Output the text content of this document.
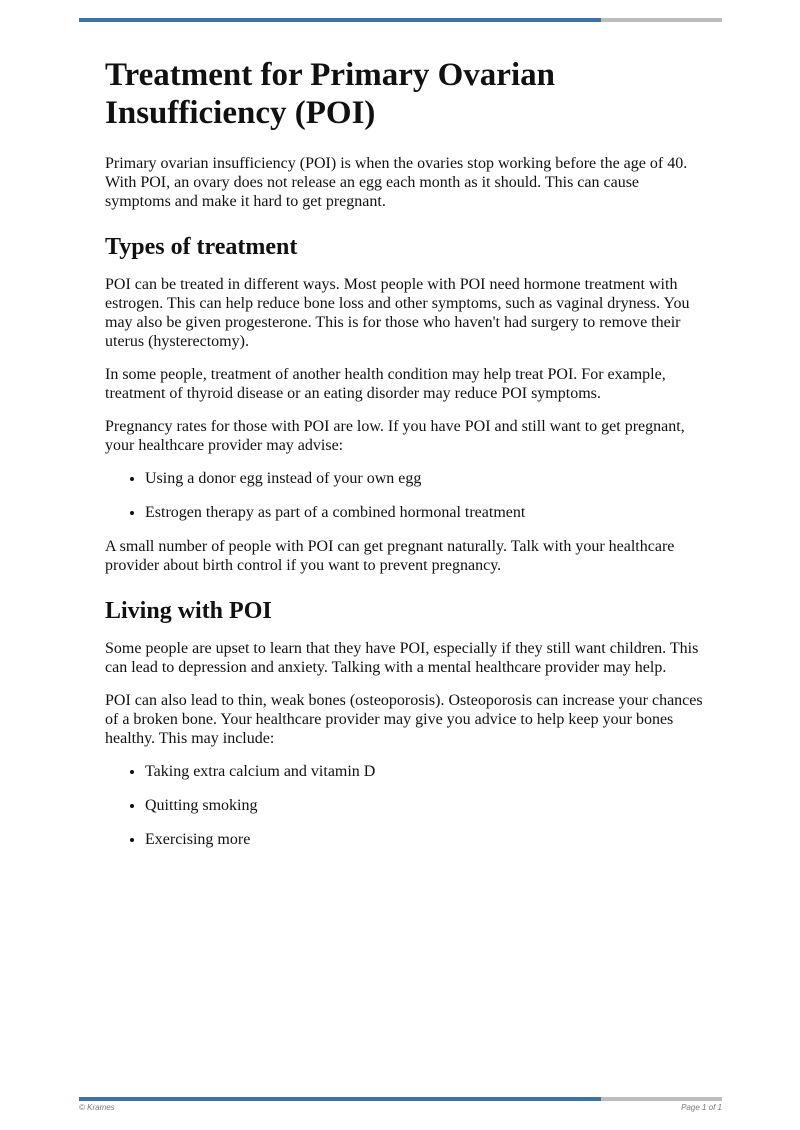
Treatment for Primary Ovarian Insufficiency (POI)

Primary ovarian insufficiency (POI) is when the ovaries stop working before the age of 40. With POI, an ovary does not release an egg each month as it should. This can cause symptoms and make it hard to get pregnant.

Types of treatment

POI can be treated in different ways. Most people with POI need hormone treatment with estrogen. This can help reduce bone loss and other symptoms, such as vaginal dryness. You may also be given progesterone. This is for those who haven't had surgery to remove their uterus (hysterectomy).

In some people, treatment of another health condition may help treat POI. For example, treatment of thyroid disease or an eating disorder may reduce POI symptoms.

Pregnancy rates for those with POI are low. If you have POI and still want to get pregnant, your healthcare provider may advise:

• Using a donor egg instead of your own egg
• Estrogen therapy as part of a combined hormonal treatment

A small number of people with POI can get pregnant naturally. Talk with your healthcare provider about birth control if you want to prevent pregnancy.

Living with POI

Some people are upset to learn that they have POI, especially if they still want children. This can lead to depression and anxiety. Talking with a mental healthcare provider may help.

POI can also lead to thin, weak bones (osteoporosis). Osteoporosis can increase your chances of a broken bone. Your healthcare provider may give you advice to help keep your bones healthy. This may include:

• Taking extra calcium and vitamin D
• Quitting smoking
• Exercising more
© Krames	Page 1 of 1
